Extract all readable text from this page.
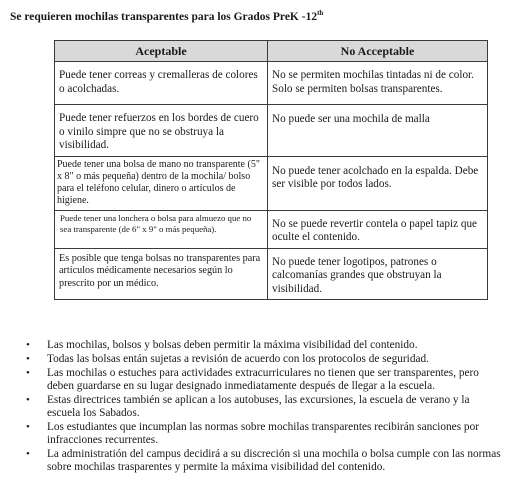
Se requieren mochilas transparentes para los Grados PreK -12th
Aceptable	No Acceptable
Puede tener correas y cremalleras de colores o acolchadas.	No se permiten mochilas tintadas ni de color. Solo se permiten bolsas transparentes.
Puede tener refuerzos en los bordes de cuero o vinilo simpre que no se obstruya la visibilidad.	No puede ser una mochila de malla
Puede tener una bolsa de mano no transparente (5" x 8" o más pequeña) dentro de la mochila/ bolso para el teléfono celular, dinero o artículos de higiene.	No puede tener acolchado en la espalda. Debe ser visible por todos lados.
Puede tener una lonchera o bolsa para almuezo que no sea transparente (de 6" x 9" o más pequeña).	No se puede revertir contela o papel tapiz que oculte el contenido.
Es posible que tenga bolsas no transparentes para artículos médicamente necesarios según lo prescrito por un médico.	No puede tener logotipos, patrones o calcomanías grandes que obstruyan la visibilidad.
• Las mochilas, bolsos y bolsas deben permitir la máxima visibilidad del contenido.
• Todas las bolsas entán sujetas a revisión de acuerdo con los protocolos de seguridad.
• Las mochilas o estuches para actividades extracurriculares no tienen que ser transparentes, pero deben guardarse en su lugar designado inmediatamente después de llegar a la escuela.
• Estas directrices también se aplican a los autobuses, las excursiones, la escuela de verano y la escuela los Sabados.
• Los estudiantes que incumplan las normas sobre mochilas transparentes recibirán sanciones por infracciones recurrentes.
• La administratión del campus decidirá a su discreción si una mochila o bolsa cumple con las normas sobre mochilas trasparentes y permite la máxima visibilidad del contenido.
